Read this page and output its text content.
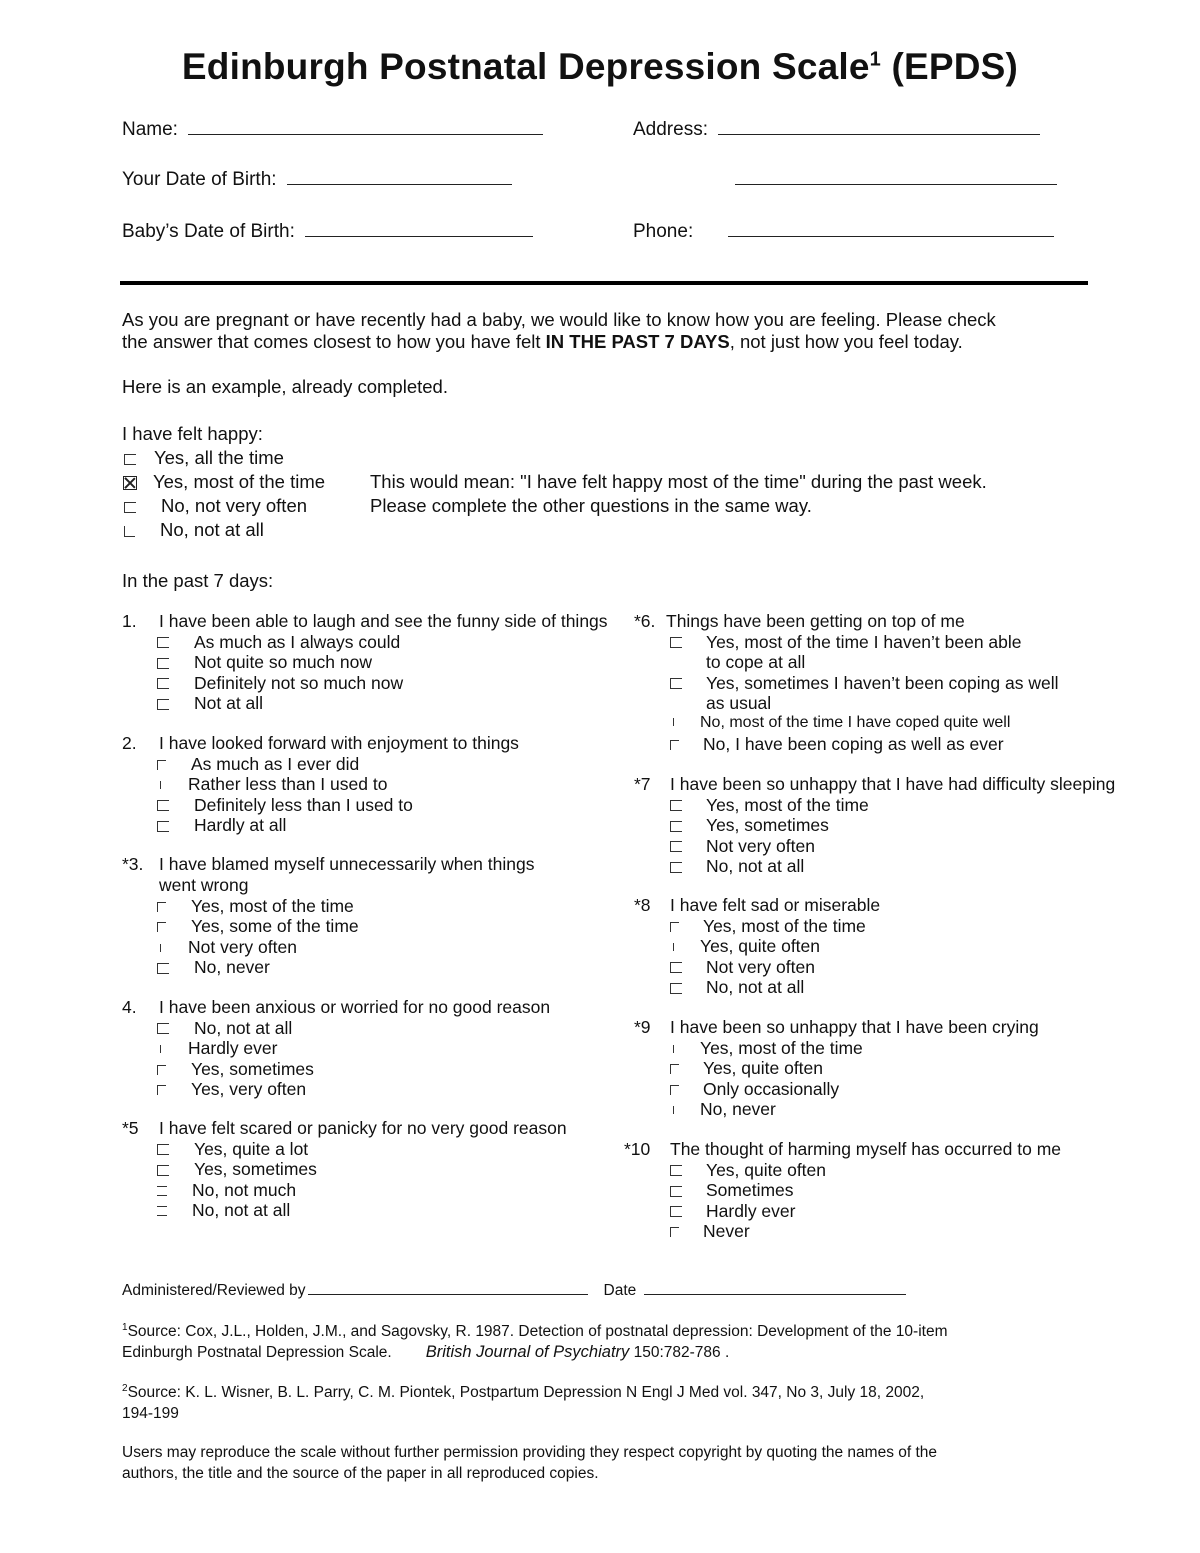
Edinburgh Postnatal Depression Scale$^1$ (EPDS)
Name:	Address:
Your Date of Birth:
Baby’s Date of Birth:	Phone:
As you are pregnant or have recently had a baby, we would like to know how you are feeling. Please check
the answer that comes closest to how you have felt IN THE PAST 7 DAYS, not just how you feel today.
Here is an example, already completed.
I have felt happy:
Yes, all the time
Yes, most of the time
No, not very often
No, not at all
This would mean: "I have felt happy most of the time" during the past week.
Please complete the other questions in the same way.
In the past 7 days:
1. I have been able to laugh and see the funny side of things
As much as I always could
Not quite so much now
Definitely not so much now
Not at all
2. I have looked forward with enjoyment to things
As much as I ever did
Rather less than I used to
Definitely less than I used to
Hardly at all
*3. I have blamed myself unnecessarily when things
went wrong
Yes, most of the time
Yes, some of the time
Not very often
No, never
4. I have been anxious or worried for no good reason
No, not at all
Hardly ever
Yes, sometimes
Yes, very often
*5 I have felt scared or panicky for no very good reason
Yes, quite a lot
Yes, sometimes
No, not much
No, not at all
*6. Things have been getting on top of me
Yes, most of the time I haven’t been able
to cope at all
Yes, sometimes I haven’t been coping as well
as usual
No, most of the time I have coped quite well
No, I have been coping as well as ever
*7 I have been so unhappy that I have had difficulty sleeping
Yes, most of the time
Yes, sometimes
Not very often
No, not at all
*8 I have felt sad or miserable
Yes, most of the time
Yes, quite often
Not very often
No, not at all
*9 I have been so unhappy that I have been crying
Yes, most of the time
Yes, quite often
Only occasionally
No, never
*10 The thought of harming myself has occurred to me
Yes, quite often
Sometimes
Hardly ever
Never
Administered/Reviewed by	Date
$^1$Source: Cox, J.L., Holden, J.M., and Sagovsky, R. 1987. Detection of postnatal depression: Development of the 10-item
Edinburgh Postnatal Depression Scale. British Journal of Psychiatry 150:782-786 .
$^2$Source: K. L. Wisner, B. L. Parry, C. M. Piontek, Postpartum Depression N Engl J Med vol. 347, No 3, July 18, 2002,
194-199
Users may reproduce the scale without further permission providing they respect copyright by quoting the names of the
authors, the title and the source of the paper in all reproduced copies.
